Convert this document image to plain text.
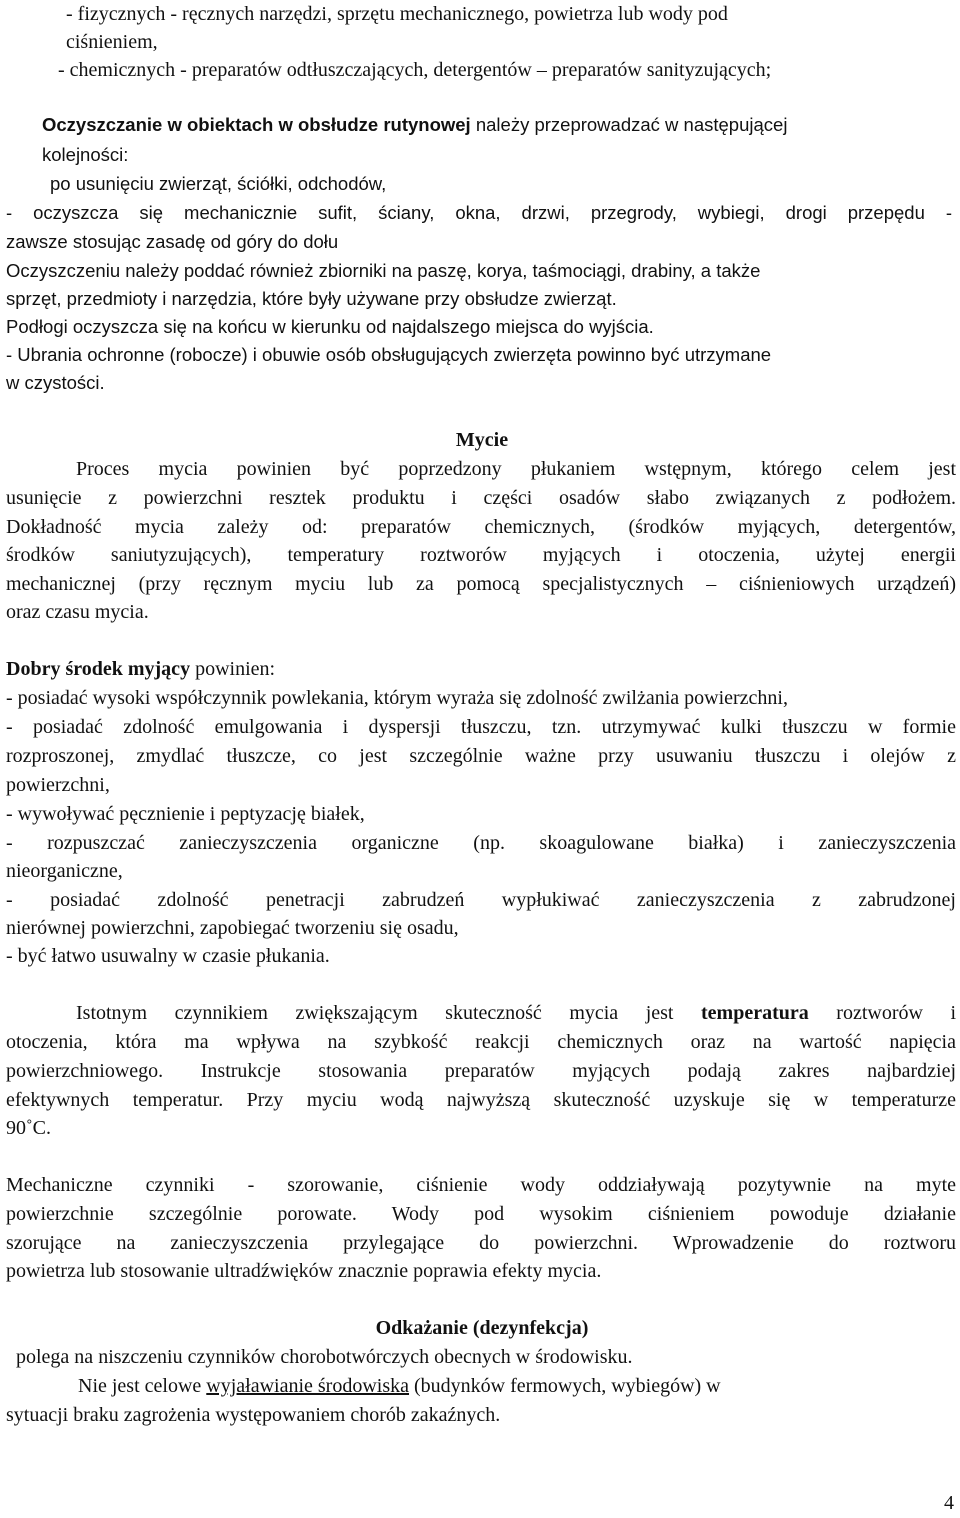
- fizycznych - ręcznych narzędzi, sprzętu mechanicznego, powietrza lub wody pod
ciśnieniem,
- chemicznych - preparatów odtłuszczających, detergentów – preparatów sanityzujących;
Oczyszczanie w obiektach w obsłudze rutynowej należy przeprowadzać w następującej
kolejności:
po usunięciu zwierząt, ściółki, odchodów,
- oczyszcza się mechanicznie sufit, ściany, okna, drzwi, przegrody, wybiegi, drogi przepędu -
zawsze stosując zasadę od góry do dołu
Oczyszczeniu należy poddać również zbiorniki na paszę, korya, taśmociągi, drabiny, a także
sprzęt, przedmioty i narzędzia, które były używane przy obsłudze zwierząt.
Podłogi oczyszcza się na końcu w kierunku od najdalszego miejsca do wyjścia.
- Ubrania ochronne (robocze) i obuwie osób obsługujących zwierzęta powinno być utrzymane
w czystości.
Mycie
Proces mycia powinien być poprzedzony płukaniem wstępnym, którego celem jest
usunięcie z powierzchni resztek produktu i części osadów słabo związanych z podłożem.
Dokładność mycia zależy od: preparatów chemicznych, (środków myjących, detergentów,
środków saniutyzujących), temperatury roztworów myjących i otoczenia, użytej energii
mechanicznej (przy ręcznym myciu lub za pomocą specjalistycznych – ciśnieniowych urządzeń)
oraz czasu mycia.
Dobry środek myjący powinien:
- posiadać wysoki współczynnik powlekania, którym wyraża się zdolność zwilżania powierzchni,
- posiadać zdolność emulgowania i dyspersji tłuszczu, tzn. utrzymywać kulki tłuszczu w formie
rozproszonej, zmydlać tłuszcze, co jest szczególnie ważne przy usuwaniu tłuszczu i olejów z
powierzchni,
- wywoływać pęcznienie i peptyzację białek,
- rozpuszczać zanieczyszczenia organiczne (np. skoagulowane białka) i zanieczyszczenia
nieorganiczne,
- posiadać zdolność penetracji zabrudzeń wypłukiwać zanieczyszczenia z zabrudzonej
nierównej powierzchni, zapobiegać tworzeniu się osadu,
- być łatwo usuwalny w czasie płukania.
Istotnym czynnikiem zwiększającym skuteczność mycia jest temperatura roztworów i
otoczenia, która ma wpływa na szybkość reakcji chemicznych oraz na wartość napięcia
powierzchniowego. Instrukcje stosowania preparatów myjących podają zakres najbardziej
efektywnych temperatur. Przy myciu wodą najwyższą skuteczność uzyskuje się w temperaturze
90˚C.
Mechaniczne czynniki - szorowanie, ciśnienie wody oddziaływają pozytywnie na myte
powierzchnie szczególnie porowate. Wody pod wysokim ciśnieniem powoduje działanie
szorujące na zanieczyszczenia przylegające do powierzchni. Wprowadzenie do roztworu
powietrza lub stosowanie ultradźwięków znacznie poprawia efekty mycia.
Odkażanie (dezynfekcja)
polega na niszczeniu czynników chorobotwórczych obecnych w środowisku.
Nie jest celowe wyjaławianie środowiska (budynków fermowych, wybiegów) w
sytuacji braku zagrożenia występowaniem chorób zakaźnych.
4
